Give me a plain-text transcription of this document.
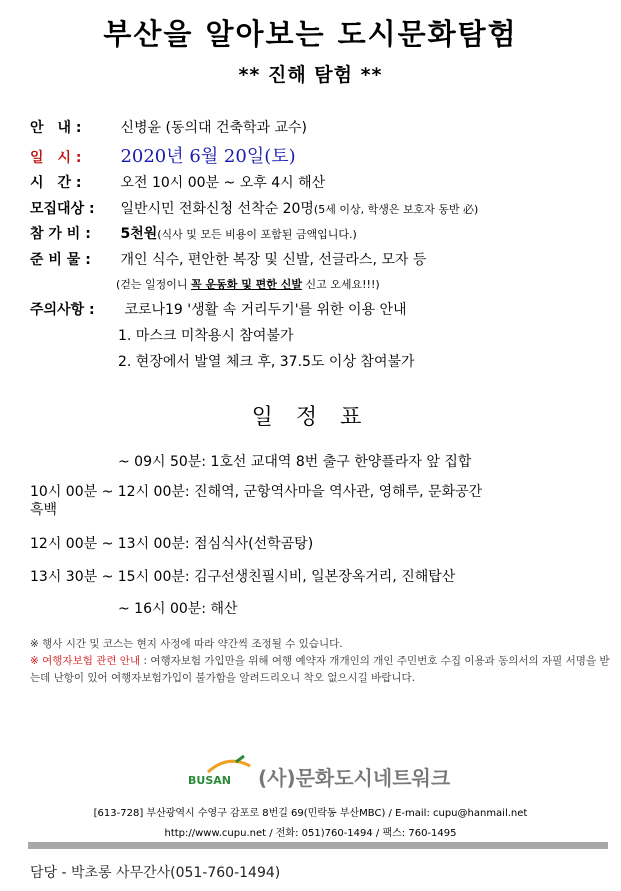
부산을 알아보는 도시문화탐험
** 진해 탐험 **
안　내 :	신병윤 (동의대 건축학과 교수)
일　시 : 2020년 6월 20일(토)
시　간 :	오전 10시 00분 ~ 오후 4시 해산
모집대상 : 일반시민 전화신청 선착순 20명(5세 이상, 학생은 보호자 동반 必)
참 가 비 : 5천원(식사 및 모든 비용이 포함된 금액입니다.)
준 비 물 : 개인 식수, 편안한 복장 및 신발, 선글라스, 모자 등
(걷는 일정이니 꼭 운동화 및 편한 신발 신고 오세요!!!)
주의사항 : 코로나19 '생활 속 거리두기'를 위한 이용 안내
1. 마스크 미착용시 참여불가
2. 현장에서 발열 체크 후, 37.5도 이상 참여불가
일 정 표
~ 09시 50분: 1호선 교대역 8번 출구 한양플라자 앞 집합
10시 00분 ~ 12시 00분: 진해역, 군항역사마을 역사관, 영해루, 문화공간
흑백
12시 00분 ~ 13시 00분: 점심식사(선학곰탕)
13시 30분 ~ 15시 00분: 김구선생친필시비, 일본장옥거리, 진해탑산
~ 16시 00분: 해산
※ 행사 시간 및 코스는 현지 사정에 따라 약간씩 조정될 수 있습니다.
※ 여행자보험 관련 안내 : 여행자보험 가입만을 위해 여행 예약자 개개인의 개인 주민번호 수집 이용과 동의서의 자필 서명을 받는데 난항이 있어 여행자보험가입이 불가함을 알려드리오니 착오 없으시길 바랍니다.
BUSAN (사)문화도시네트워크
[613-728] 부산광역시 수영구 감포로 8번길 69(민락동 부산MBC) / E-mail: cupu@hanmail.net
http://www.cupu.net / 전화: 051)760-1494 / 팩스: 760-1495
담당 - 박초롱 사무간사(051-760-1494)
